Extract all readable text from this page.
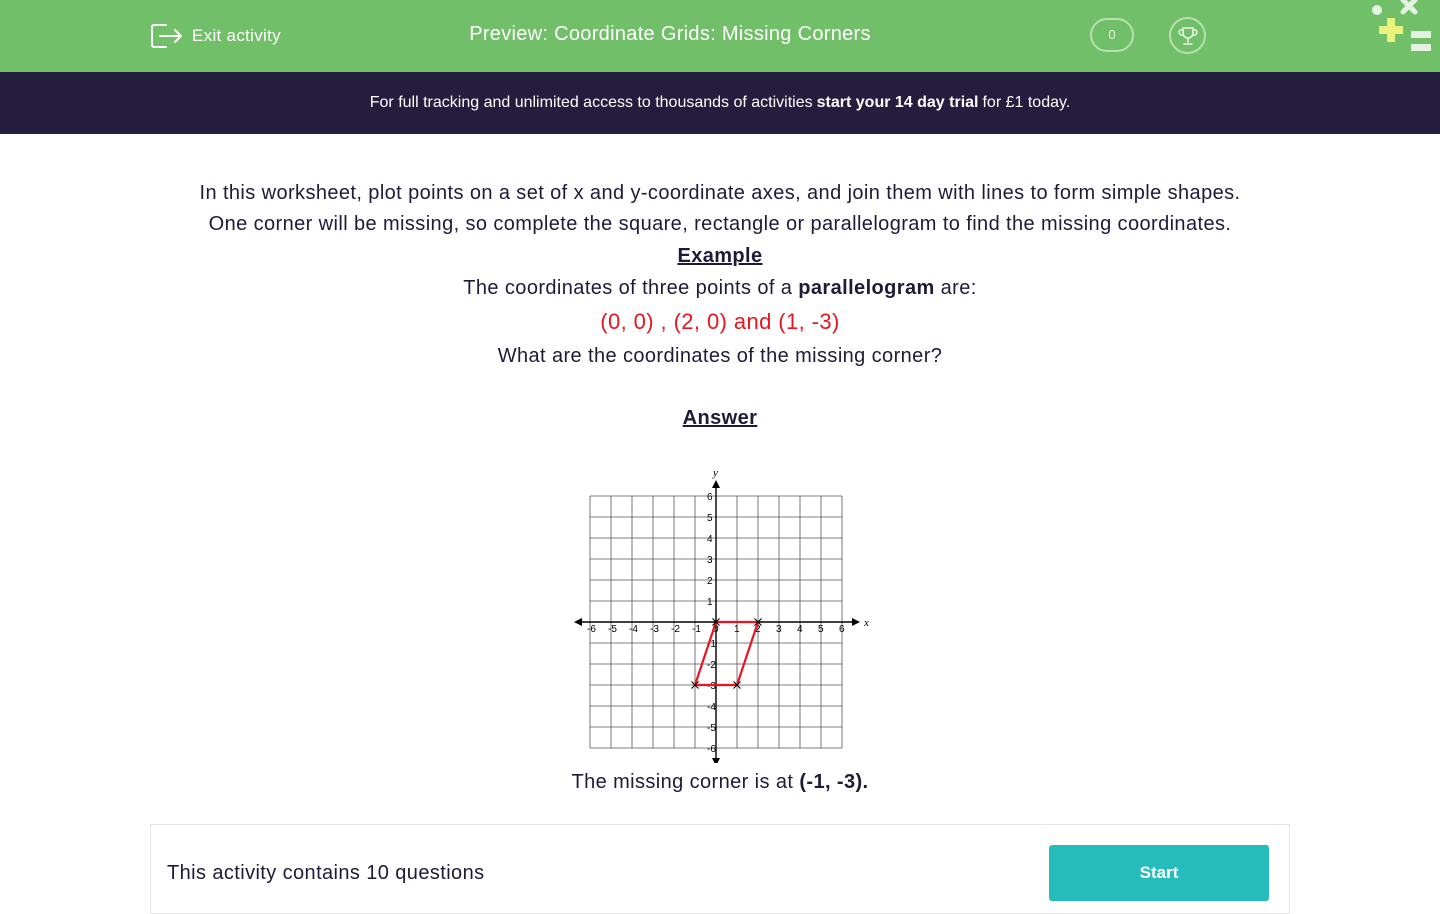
Exit activity	Preview: Coordinate Grids: Missing Corners	0
For full tracking and unlimited access to thousands of activities start your 14 day trial for £1 today.

In this worksheet, plot points on a set of x and y-coordinate axes, and join them with lines to form simple shapes.

One corner will be missing, so complete the square, rectangle or parallelogram to find the missing coordinates.

Example

The coordinates of three points of a parallelogram are:

(0, 0) , (2, 0) and (1, -3)

What are the coordinates of the missing corner?

Answer

x
y
-6 -5 -4 -3 -2 -1 0 1 2 3 4 5 6
6
5
4
3
2
1
-1
-2
-3
-4
-5
-6
The missing corner is at (-1, -3).
This activity contains 10 questions	Start
